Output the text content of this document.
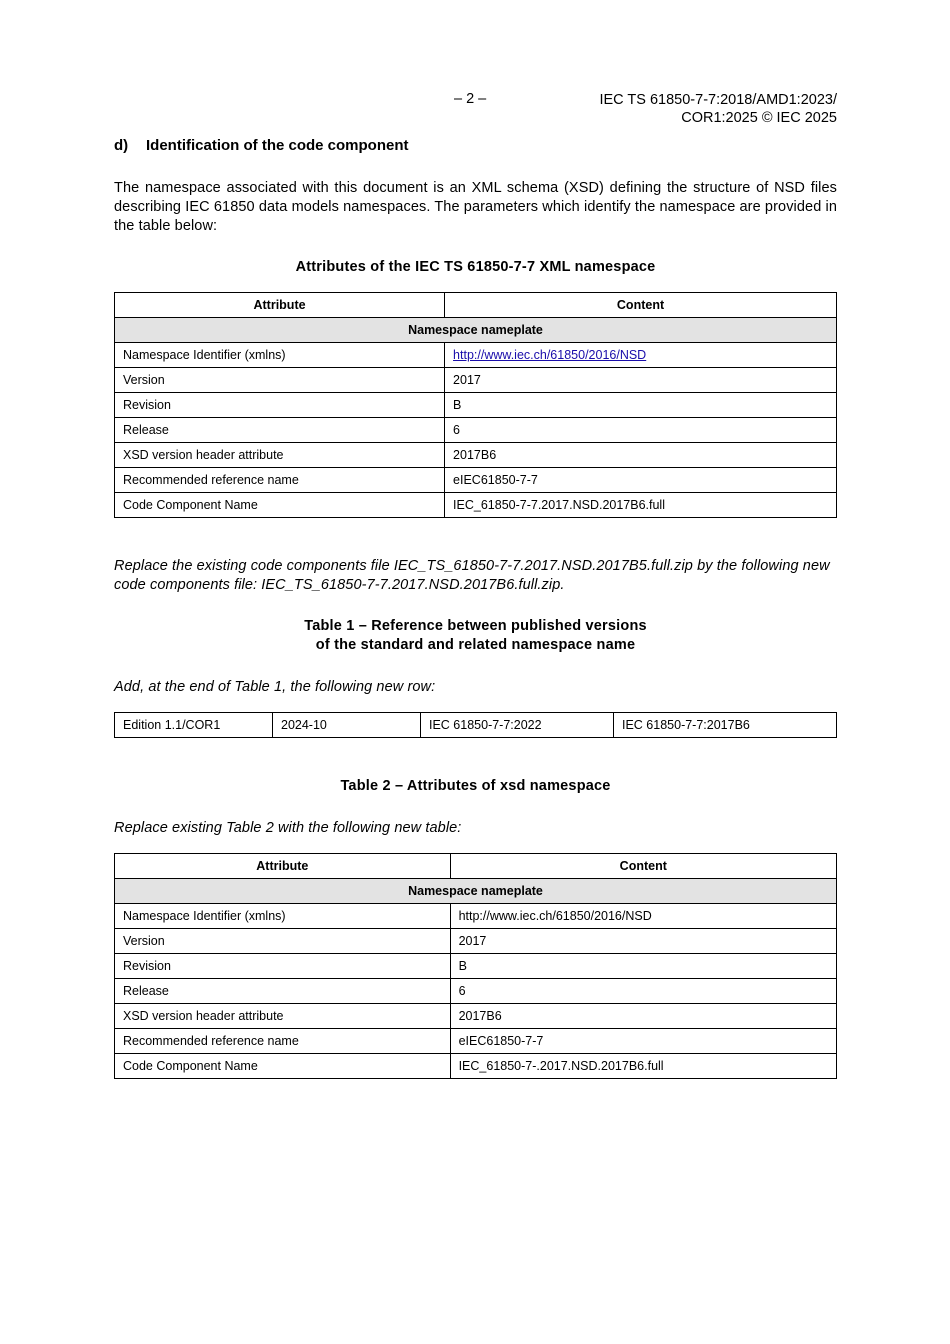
– 2 –	IEC TS 61850-7-7:2018/AMD1:2023/
COR1:2025 © IEC 2025
d) Identification of the code component
The namespace associated with this document is an XML schema (XSD) defining the structure of NSD files describing IEC 61850 data models namespaces. The parameters which identify the namespace are provided in the table below:
Attributes of the IEC TS 61850-7-7 XML namespace
Attribute	Content
Namespace nameplate	
Namespace Identifier (xmlns)	http://www.iec.ch/61850/2016/NSD
Version	2017
Revision	B
Release	6
XSD version header attribute	2017B6
Recommended reference name	eIEC61850-7-7
Code Component Name	IEC_61850-7-7.2017.NSD.2017B6.full
Replace the existing code components file IEC_TS_61850-7-7.2017.NSD.2017B5.full.zip by the following new code components file: IEC_TS_61850-7-7.2017.NSD.2017B6.full.zip.
Table 1 – Reference between published versions
of the standard and related namespace name
Add, at the end of Table 1, the following new row:
Edition 1.1/COR1	2024-10	IEC 61850-7-7:2022	IEC 61850-7-7:2017B6
Table 2 – Attributes of xsd namespace
Replace existing Table 2 with the following new table:
Attribute	Content
Namespace nameplate	
Namespace Identifier (xmlns)	http://www.iec.ch/61850/2016/NSD
Version	2017
Revision	B
Release	6
XSD version header attribute	2017B6
Recommended reference name	eIEC61850-7-7
Code Component Name	IEC_61850-7-.2017.NSD.2017B6.full
